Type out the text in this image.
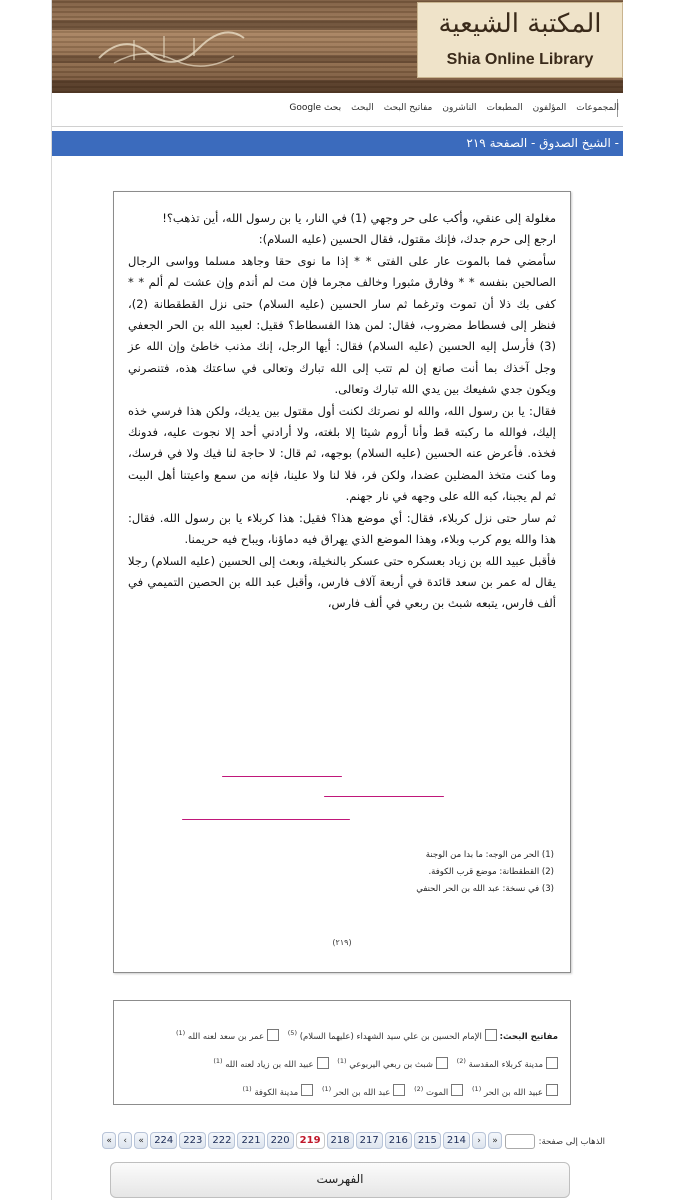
المكتبة الشيعية
Shia Online Library
المجموعات
المؤلفون
المطبعات
الناشرون
مفاتيح البحث
البحث
بحث Google
- الشيخ الصدوق - الصفحة ٢١٩

مغلولة إلى عنقي، وأكب على حر وجهي (1) في النار، يا بن رسول الله، أين تذهب؟!

ارجع إلى حرم جدك، فإنك مقتول، فقال الحسين (عليه السلام):

سأمضي فما بالموت عار على الفتى * * إذا ما نوى حقا وجاهد مسلما وواسى الرجال الصالحين بنفسه * * وفارق مثبورا وخالف مجرما فإن مت لم أندم وإن عشت لم ألم * * كفى بك ذلا أن تموت وترغما ثم سار الحسين (عليه السلام) حتى نزل القطقطانة (2)، فنظر إلى فسطاط مضروب، فقال: لمن هذا الفسطاط؟ فقيل: لعبيد الله بن الحر الجعفي (3) فأرسل إليه الحسين (عليه السلام) فقال: أيها الرجل، إنك مذنب خاطئ وإن الله عز وجل آخذك بما أنت صانع إن لم تتب إلى الله تبارك وتعالى في ساعتك هذه، فتنصرني ويكون جدي شفيعك بين يدي الله تبارك وتعالى.

فقال: يا بن رسول الله، والله لو نصرتك لكنت أول مقتول بين يديك، ولكن هذا فرسي خذه إليك، فوالله ما ركبته قط وأنا أروم شيئا إلا بلغته، ولا أرادني أحد إلا نجوت عليه، فدونك فخذه. فأعرض عنه الحسين (عليه السلام) بوجهه، ثم قال: لا حاجة لنا فيك ولا في فرسك، وما كنت متخذ المضلين عضدا، ولكن فر، فلا لنا ولا علينا، فإنه من سمع واعيتنا أهل البيت ثم لم يجبنا، كبه الله على وجهه في نار جهنم.

ثم سار حتى نزل كربلاء، فقال: أي موضع هذا؟ فقيل: هذا كربلاء يا بن رسول الله. فقال: هذا والله يوم كرب وبلاء، وهذا الموضع الذي يهراق فيه دماؤنا، ويباح فيه حريمنا.

فأقبل عبيد الله بن زياد بعسكره حتى عسكر بالنخيلة، وبعث إلى الحسين (عليه السلام) رجلا يقال له عمر بن سعد قائدة في أربعة آلاف فارس، وأقبل عبد الله بن الحصين التميمي في ألف فارس، يتبعه شبث بن ربعي في ألف فارس،

(1) الحر من الوجه: ما بدا من الوجنة
(2) القطقطانة: موضع قرب الكوفة.
(3) في نسخة: عبد الله بن الحر الحنفي
(٢١٩)
مفاتيح البحث: الإمام الحسين بن علي سيد الشهداء (عليهما السلام) $^{(5)}$ عمر بن سعد لعنه الله $^{(1)}$
مدينة كربلاء المقدسة $^{(2)}$ شبث بن ربعي اليربوعي $^{(1)}$ عبيد الله بن زياد لعنه الله $^{(1)}$
عبيد الله بن الحر $^{(1)}$ الموت $^{(2)}$ عبد الله بن الحر $^{(1)}$ مدينة الكوفة $^{(1)}$
الذهاب إلى صفحة:
«
‹
214
215
216
217
218
219
220
221
222
223
224
»
›
»
الفهرست
